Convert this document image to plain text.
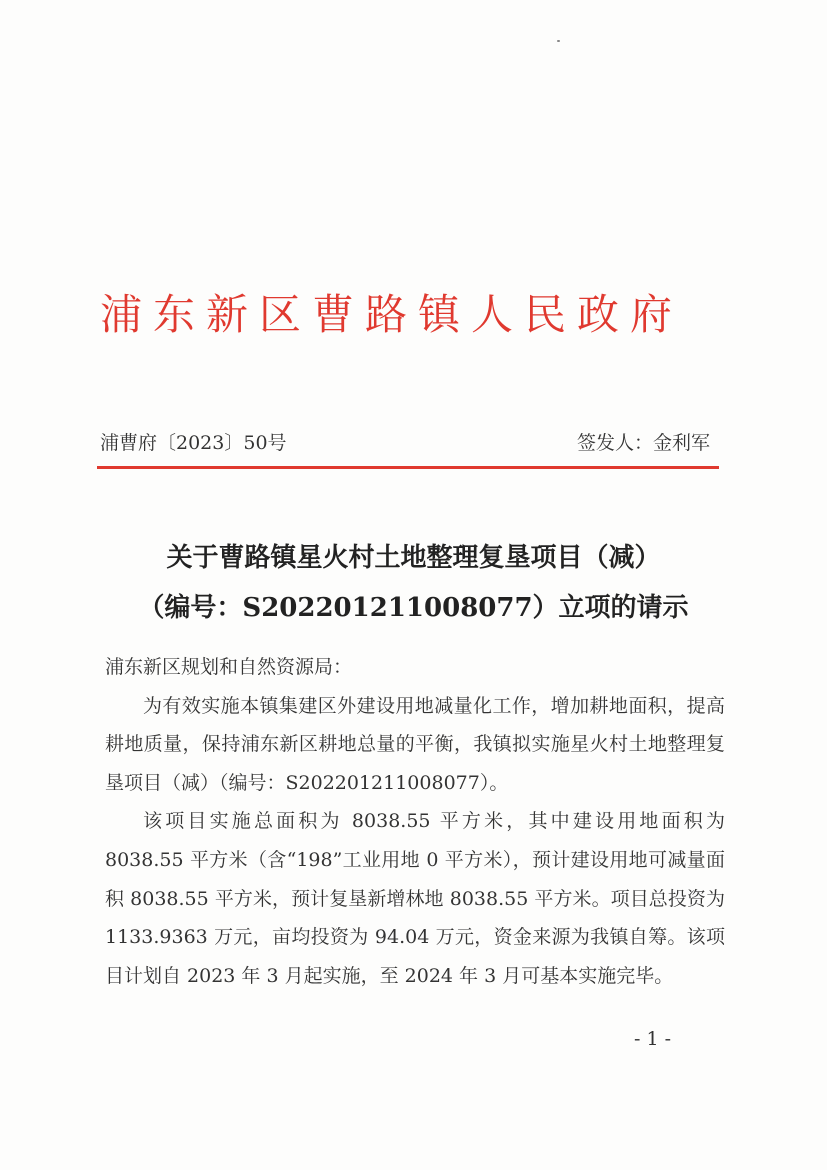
浦东新区曹路镇人民政府
浦曹府〔2023〕50号	签发人：金利军
关于曹路镇星火村土地整理复垦项目（减）
（编号：S202201211008077）立项的请示

浦东新区规划和自然资源局：

为有效实施本镇集建区外建设用地减量化工作，增加耕地面积，提高耕地质量，保持浦东新区耕地总量的平衡，我镇拟实施星火村土地整理复垦项目（减）（编号：S202201211008077）。

该项目实施总面积为 8038.55 平方米，其中建设用地面积为 8038.55 平方米（含“198”工业用地 0 平方米），预计建设用地可减量面积 8038.55 平方米，预计复垦新增林地 8038.55 平方米。项目总投资为 1133.9363 万元，亩均投资为 94.04 万元，资金来源为我镇自筹。该项目计划自 2023 年 3 月起实施，至 2024 年 3 月可基本实施完毕。

- 1 -
